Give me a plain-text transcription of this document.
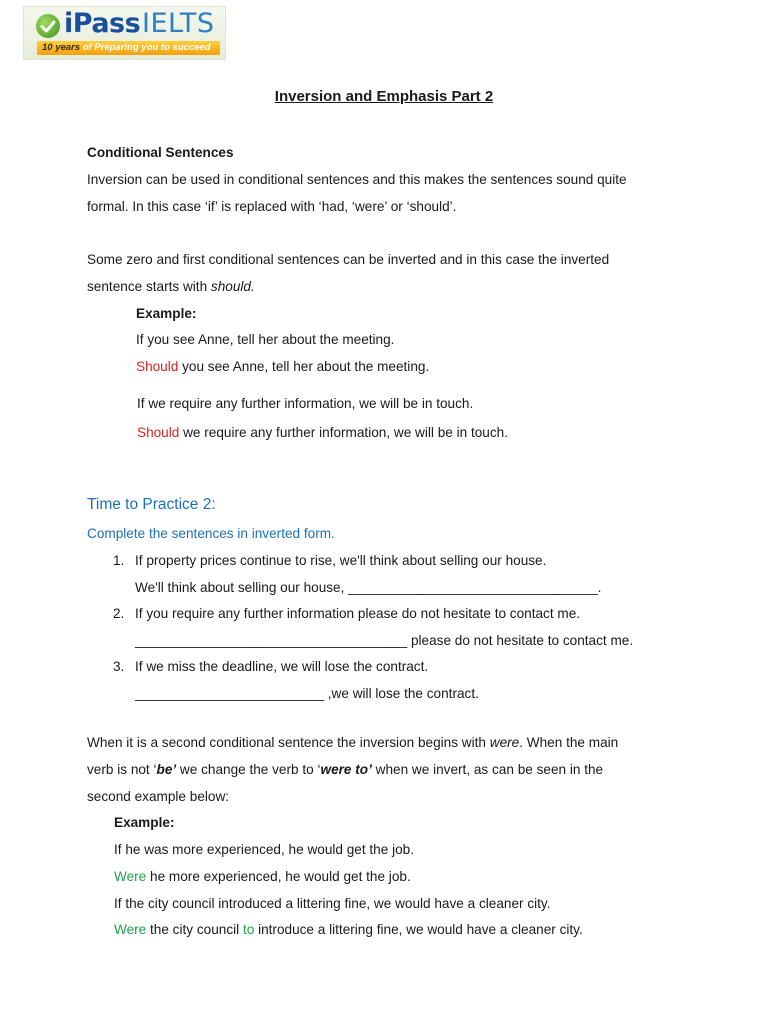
iPass IELTS
10 years of Preparing you to succeed
Inversion and Emphasis Part 2
Conditional Sentences
Inversion can be used in conditional sentences and this makes the sentences sound quite
formal. In this case ‘if’ is replaced with ‘had, ‘were’ or ‘should’.
Some zero and first conditional sentences can be inverted and in this case the inverted
sentence starts with should.
Example:
If you see Anne, tell her about the meeting.
Should you see Anne, tell her about the meeting.
If we require any further information, we will be in touch.
Should we require any further information, we will be in touch.
Time to Practice 2:
Complete the sentences in inverted form.
1. If property prices continue to rise, we'll think about selling our house.
We'll think about selling our house, _________________________________.
2. If you require any further information please do not hesitate to contact me.
____________________________________ please do not hesitate to contact me.
3. If we miss the deadline, we will lose the contract.
_________________________ ,we will lose the contract.
When it is a second conditional sentence the inversion begins with were. When the main
verb is not ‘be’ we change the verb to ‘were to’ when we invert, as can be seen in the
second example below:
Example:
If he was more experienced, he would get the job.
Were he more experienced, he would get the job.
If the city council introduced a littering fine, we would have a cleaner city.
Were the city council to introduce a littering fine, we would have a cleaner city.
